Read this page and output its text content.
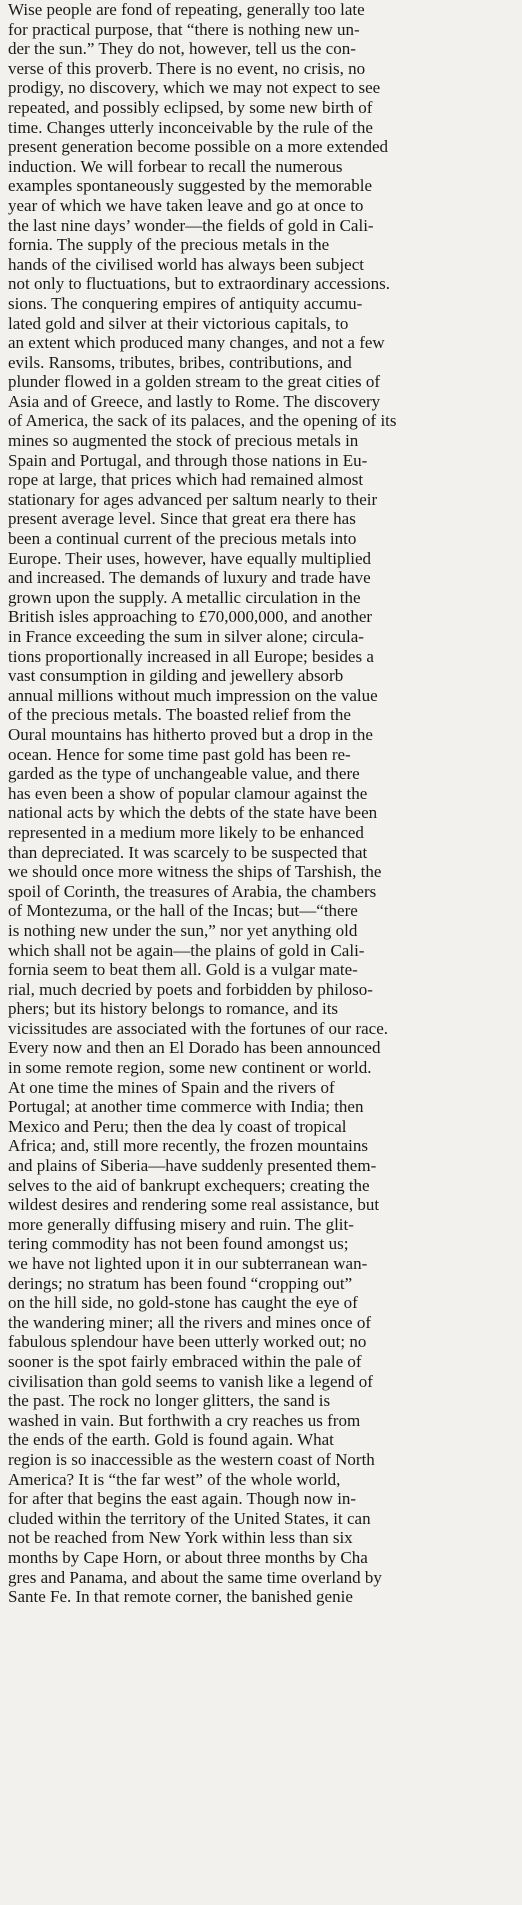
Wise people are fond of repeating, generally too late
for practical purpose, that “there is nothing new un-
der the sun.” They do not, however, tell us the con-
verse of this proverb. There is no event, no crisis, no
prodigy, no discovery, which we may not expect to see
repeated, and possibly eclipsed, by some new birth of
time. Changes utterly inconceivable by the rule of the
present generation become possible on a more extended
induction. We will forbear to recall the numerous
examples spontaneously suggested by the memorable
year of which we have taken leave and go at once to
the last nine days’ wonder—the fields of gold in Cali-
fornia. The supply of the precious metals in the
hands of the civilised world has always been subject
not only to fluctuations, but to extraordinary accessions.
sions. The conquering empires of antiquity accumu-
lated gold and silver at their victorious capitals, to
an extent which produced many changes, and not a few
evils. Ransoms, tributes, bribes, contributions, and
plunder flowed in a golden stream to the great cities of
Asia and of Greece, and lastly to Rome. The discovery
of America, the sack of its palaces, and the opening of its
mines so augmented the stock of precious metals in
Spain and Portugal, and through those nations in Eu-
rope at large, that prices which had remained almost
stationary for ages advanced per saltum nearly to their
present average level. Since that great era there has
been a continual current of the precious metals into
Europe. Their uses, however, have equally multiplied
and increased. The demands of luxury and trade have
grown upon the supply. A metallic circulation in the
British isles approaching to £70,000,000, and another
in France exceeding the sum in silver alone; circula-
tions proportionally increased in all Europe; besides a
vast consumption in gilding and jewellery absorb
annual millions without much impression on the value
of the precious metals. The boasted relief from the
Oural mountains has hitherto proved but a drop in the
ocean. Hence for some time past gold has been re-
garded as the type of unchangeable value, and there
has even been a show of popular clamour against the
national acts by which the debts of the state have been
represented in a medium more likely to be enhanced
than depreciated. It was scarcely to be suspected that
we should once more witness the ships of Tarshish, the
spoil of Corinth, the treasures of Arabia, the chambers
of Montezuma, or the hall of the Incas; but—“there
is nothing new under the sun,” nor yet anything old
which shall not be again—the plains of gold in Cali-
fornia seem to beat them all. Gold is a vulgar mate-
rial, much decried by poets and forbidden by philoso-
phers; but its history belongs to romance, and its
vicissitudes are associated with the fortunes of our race.
Every now and then an El Dorado has been announced
in some remote region, some new continent or world.
At one time the mines of Spain and the rivers of
Portugal; at another time commerce with India; then
Mexico and Peru; then the dea ly coast of tropical
Africa; and, still more recently, the frozen mountains
and plains of Siberia—have suddenly presented them-
selves to the aid of bankrupt exchequers; creating the
wildest desires and rendering some real assistance, but
more generally diffusing misery and ruin. The glit-
tering commodity has not been found amongst us;
we have not lighted upon it in our subterranean wan-
derings; no stratum has been found “cropping out”
on the hill side, no gold-stone has caught the eye of
the wandering miner; all the rivers and mines once of
fabulous splendour have been utterly worked out; no
sooner is the spot fairly embraced within the pale of
civilisation than gold seems to vanish like a legend of
the past. The rock no longer glitters, the sand is
washed in vain. But forthwith a cry reaches us from
the ends of the earth. Gold is found again. What
region is so inaccessible as the western coast of North
America? It is “the far west” of the whole world,
for after that begins the east again. Though now in-
cluded within the territory of the United States, it can
not be reached from New York within less than six
months by Cape Horn, or about three months by Cha
gres and Panama, and about the same time overland by
Sante Fe. In that remote corner, the banished genie
